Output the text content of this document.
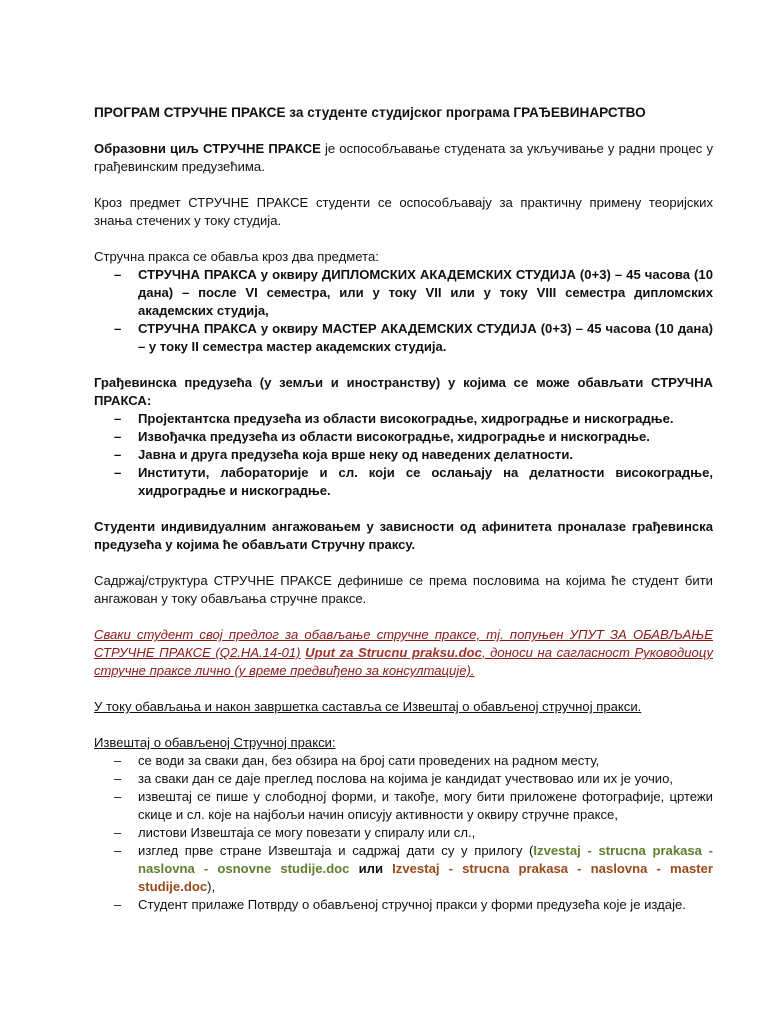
ПРОГРАМ СТРУЧНЕ ПРАКСЕ за студенте студијског програма ГРАЂЕВИНАРСТВО

Образовни циљ СТРУЧНЕ ПРАКСЕ је оспособљавање студената за укључивање у радни процес у грађевинским предузећима.

Кроз предмет СТРУЧНЕ ПРАКСЕ студенти се оспособљавају за практичну примену теоријских знања стечених у току студија.

Стручна пракса се обавља кроз два предмета:

– СТРУЧНА ПРАКСА у оквиру ДИПЛОМСКИХ АКАДЕМСКИХ СТУДИЈА (0+3) – 45 часова (10 дана) – после VI семестра, или у току VII или у току VIII семестра дипломских академских студија,
– СТРУЧНА ПРАКСА у оквиру МАСТЕР АКАДЕМСКИХ СТУДИЈА (0+3) – 45 часова (10 дана) – у току II семестра мастер академских студија.

Грађевинска предузећа (у земљи и иностранству) у којима се може обављати СТРУЧНА ПРАКСА:

– Пројектантска предузећа из области високоградње, хидроградње и нискоградње.
– Извођачка предузећа из области високоградње, хидроградње и нискоградње.
– Јавна и друга предузећа која врше неку од наведених делатности.
– Институти, лабораторије и сл. који се ослањају на делатности високоградње, хидроградње и нискоградње.

Студенти индивидуалним ангажовањем у зависности од афинитета проналазе грађевинска предузећа у којима ће обављати Стручну праксу.

Садржај/структура СТРУЧНЕ ПРАКСЕ дефинише се према пословима на којима ће студент бити ангажован у току обављања стручне праксе.

Сваки студент свој предлог за обављање стручне праксе, тј. попуњен УПУТ ЗА ОБАВЉАЊЕ СТРУЧНЕ ПРАКСЕ (Q2.НА.14-01) Uput za Strucnu praksu.doc, доноси на сагласност Руководиоцу стручне праксе лично (у време предвиђено за консултације).

У току обављања и након завршетка саставља се Извештај о обављеној стручној пракси.

Извештај о обављеној Стручној пракси:

– се води за сваки дан, без обзира на број сати проведених на радном месту,
– за сваки дан се даје преглед послова на којима је кандидат учествовао или их је уочио,
– извештај се пише у слободној форми, и такође, могу бити приложене фотографије, цртежи скице и сл. које на најбољи начин описују активности у оквиру стручне праксе,
– листови Извештаја се могу повезати у спиралу или сл.,
– изглед прве стране Извештаја и садржај дати су у прилогу (Izvestaj - strucna prakasa - naslovna - osnovne studije.doc или Izvestaj - strucna prakasa - naslovna - master studije.doc),
– Студент прилаже Потврду о обављеној стручној пракси у форми предузећа које је издаје.
